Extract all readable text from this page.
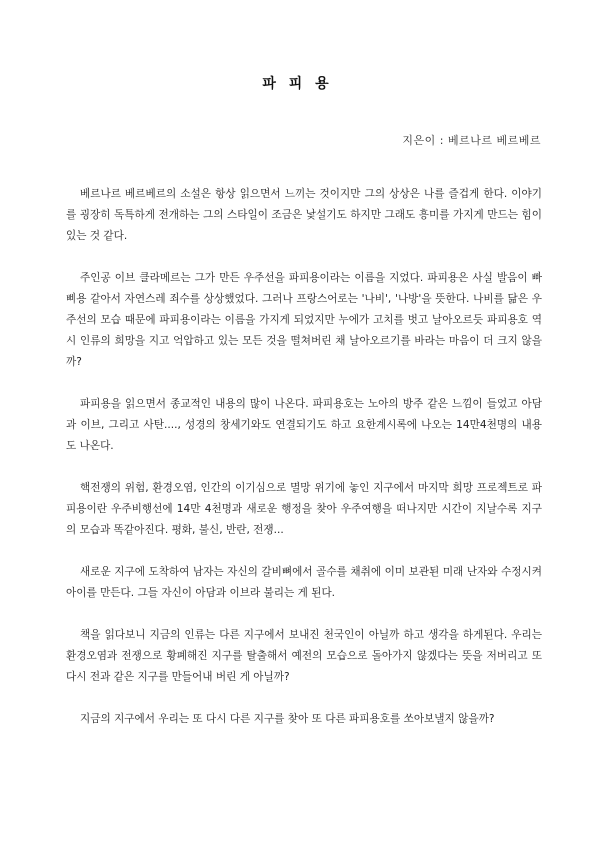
파 피 용
지은이 : 베르나르 베르베르

베르나르 베르베르의 소설은 항상 읽으면서 느끼는 것이지만 그의 상상은 나를 즐겁게 한다. 이야기를 굉장히 독특하게 전개하는 그의 스타일이 조금은 낯설기도 하지만 그래도 흥미를 가지게 만드는 힘이 있는 것 같다.

주인공 이브 클라메르는 그가 만든 우주선을 파피용이라는 이름을 지었다. 파피용은 사실 발음이 빠삐용 같아서 자연스레 죄수를 상상했었다. 그러나 프랑스어로는 '나비', '나방'을 뜻한다. 나비를 닮은 우주선의 모습 때문에 파피용이라는 이름을 가지게 되었지만 누에가 고치를 벗고 날아오르듯 파피용호 역시 인류의 희망을 지고 억압하고 있는 모든 것을 떨쳐버린 채 날아오르기를 바라는 마음이 더 크지 않을까?

파피용을 읽으면서 종교적인 내용의 많이 나온다. 파피용호는 노아의 방주 같은 느낌이 들었고 아담과 이브, 그리고 사탄...., 성경의 창세기와도 연결되기도 하고 요한계시록에 나오는 14만4천명의 내용도 나온다.

핵전쟁의 위험, 환경오염, 인간의 이기심으로 멸망 위기에 놓인 지구에서 마지막 희망 프로젝트로 파피용이란 우주비행선에 14만 4천명과 새로운 행정을 찾아 우주여행을 떠나지만 시간이 지날수록 지구의 모습과 똑같아진다. 평화, 불신, 반란, 전쟁...

새로운 지구에 도착하여 남자는 자신의 갈비뼈에서 골수를 채취에 이미 보관된 미래 난자와 수정시켜 아이를 만든다. 그들 자신이 아담과 이브라 불리는 게 된다.

책을 읽다보니 지금의 인류는 다른 지구에서 보내진 천국인이 아닐까 하고 생각을 하게된다. 우리는 환경오염과 전쟁으로 황폐해진 지구를 탈출해서 예전의 모습으로 돌아가지 않겠다는 뜻을 저버리고 또 다시 전과 같은 지구를 만들어내 버린 게 아닐까?

지금의 지구에서 우리는 또 다시 다른 지구를 찾아 또 다른 파피용호를 쏘아보낼지 않을까?
